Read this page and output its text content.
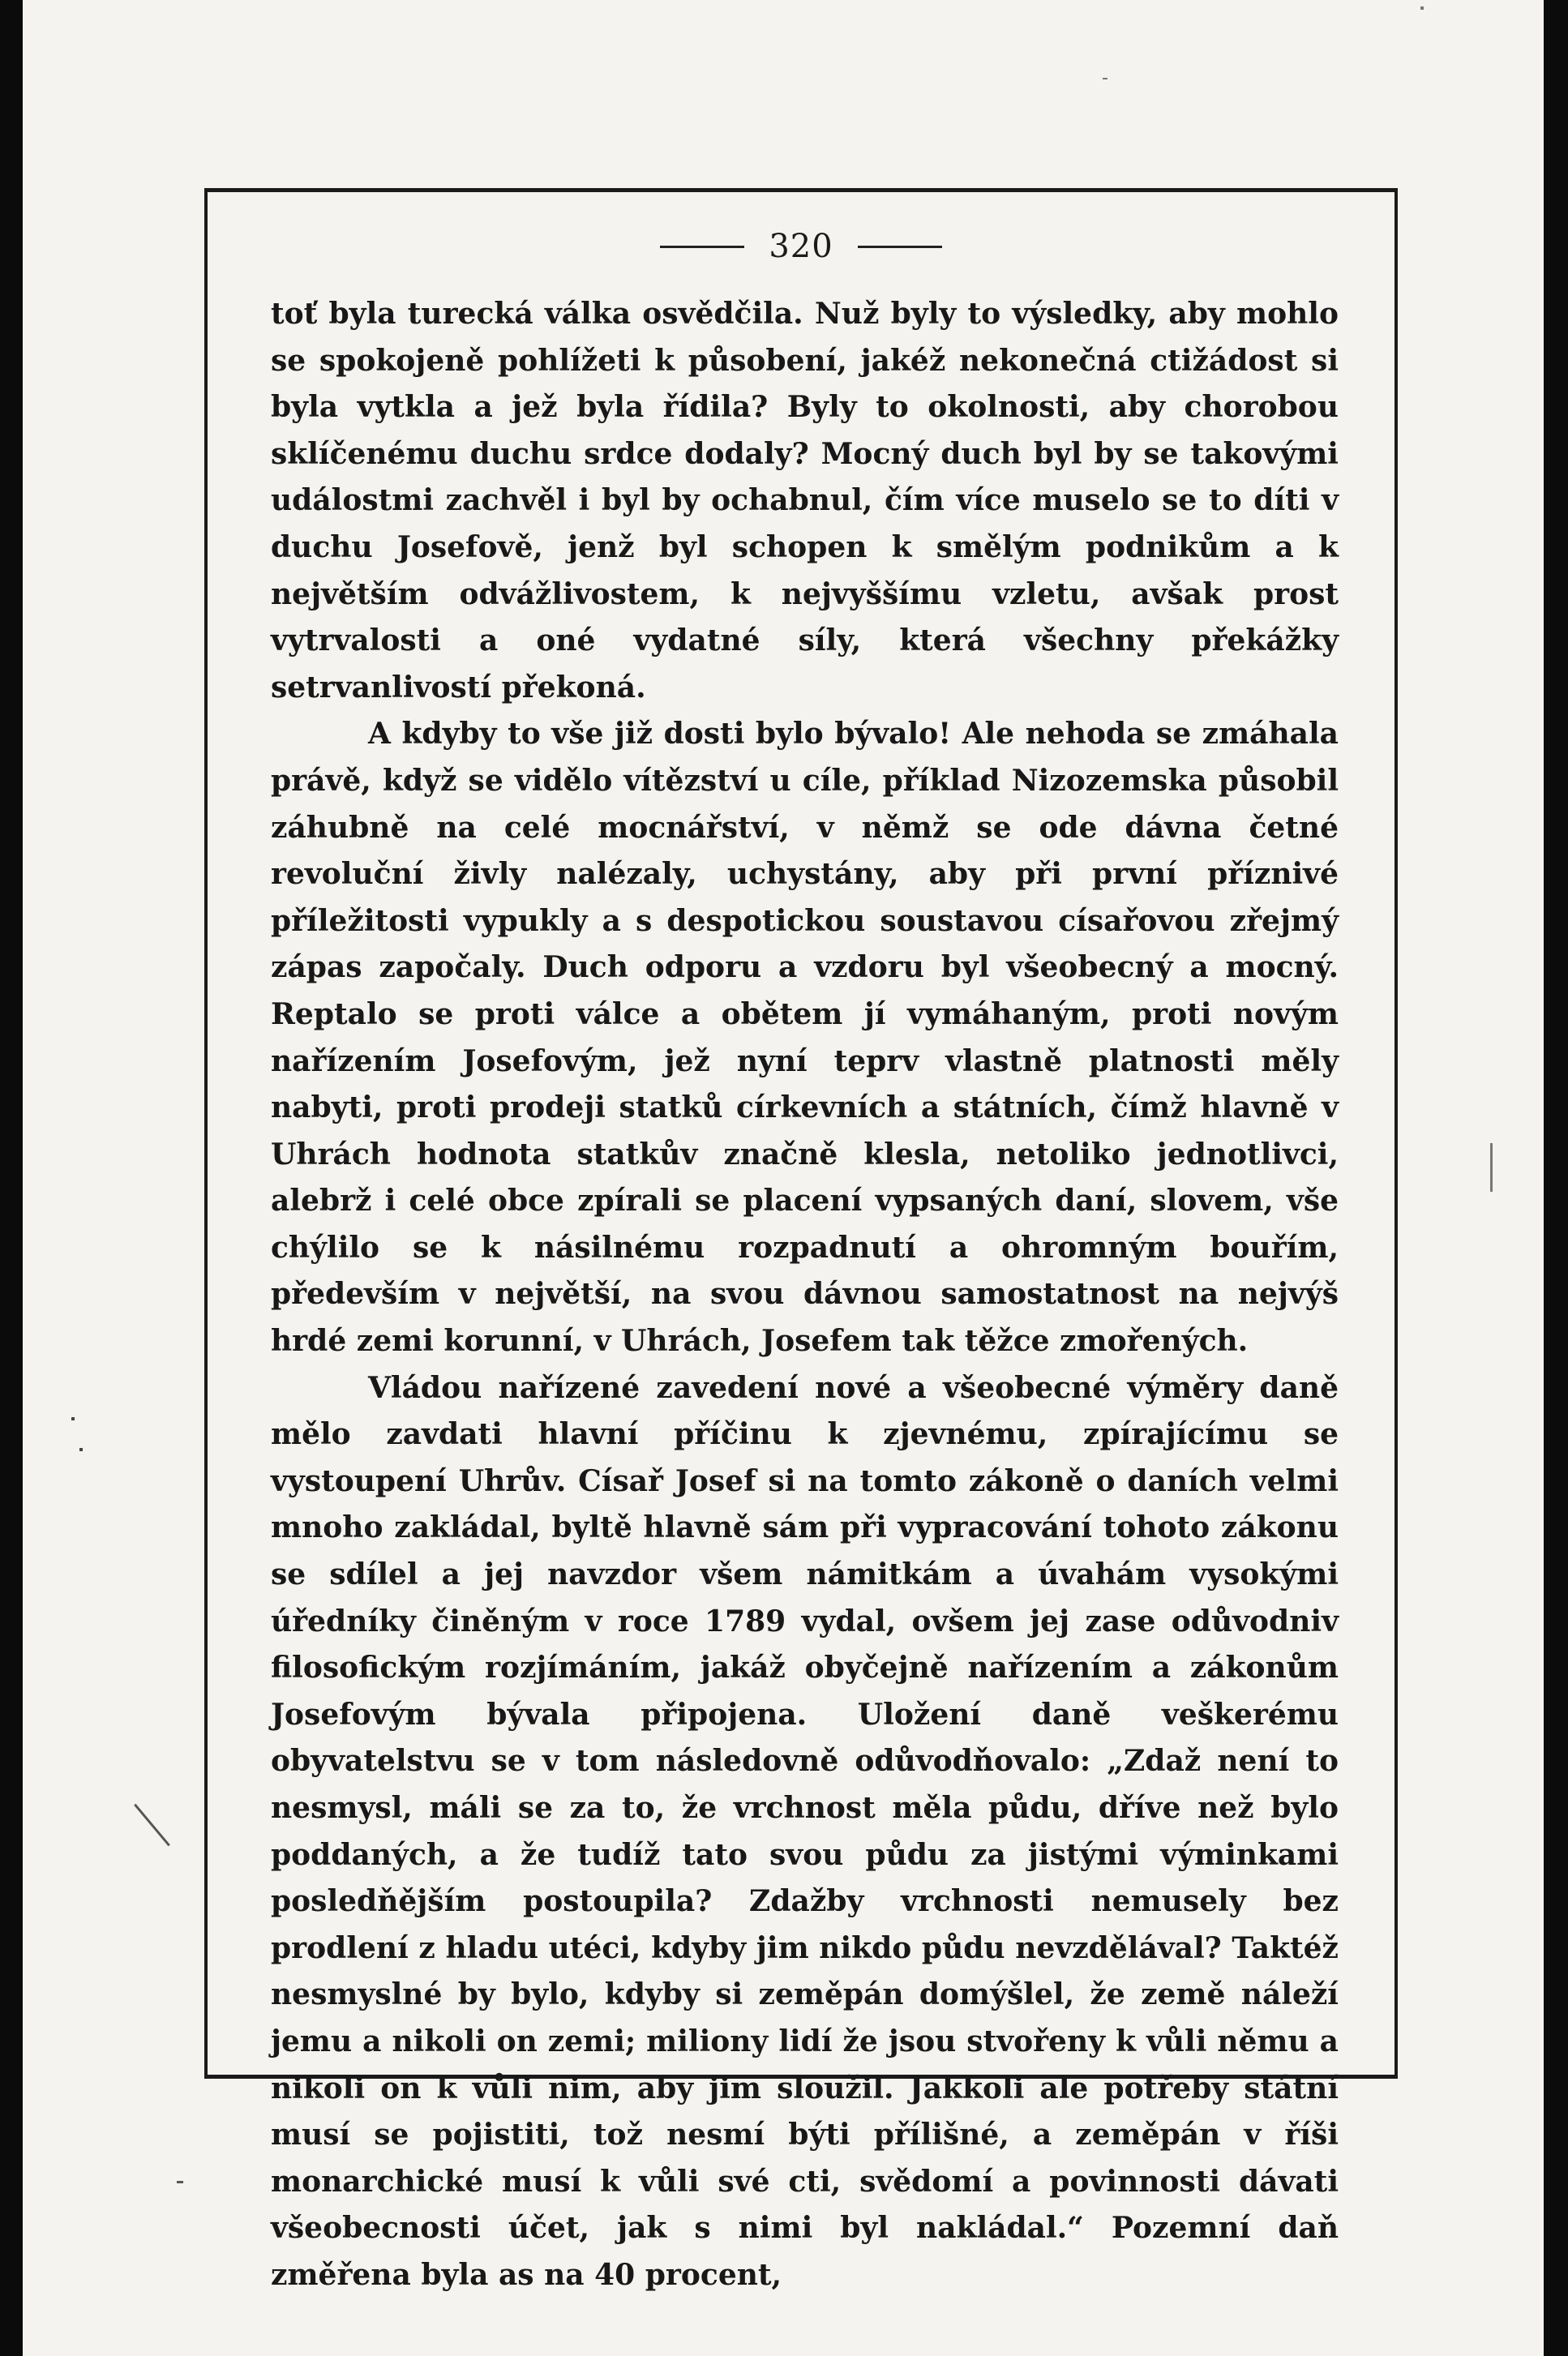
320

toť byla turecká válka osvědčila. Nuž byly to výsledky, aby mohlo se spokojeně pohlížeti k působení, jakéž nekonečná ctižádost si byla vytkla a jež byla řídila? Byly to okolnosti, aby chorobou sklíčenému duchu srdce dodaly? Mocný duch byl by se takovými událostmi zachvěl i byl by ochabnul, čím více muselo se to díti v duchu Josefově, jenž byl schopen k smělým podnikům a k největším odvážlivostem, k nejvyššímu vzletu, avšak prost vytrvalosti a oné vydatné síly, která všechny překážky setrvanlivostí překoná.

A kdyby to vše již dosti bylo bývalo! Ale nehoda se zmáhala právě, když se vidělo vítězství u cíle, příklad Nizozemska působil záhubně na celé mocnářství, v němž se ode dávna četné revoluční živly nalézaly, uchystány, aby při první příznivé příležitosti vypukly a s despotickou soustavou císařovou zřejmý zápas započaly. Duch odporu a vzdoru byl všeobecný a mocný. Reptalo se proti válce a obětem jí vymáhaným, proti novým nařízením Josefovým, jež nyní teprv vlastně platnosti měly nabyti, proti prodeji statků církevních a státních, čímž hlavně v Uhrách hodnota statkův značně klesla, netoliko jednotlivci, alebrž i celé obce zpírali se placení vypsaných daní, slovem, vše chýlilo se k násilnému rozpadnutí a ohromným bouřím, především v největší, na svou dávnou samostatnost na nejvýš hrdé zemi korunní, v Uhrách, Josefem tak těžce zmořených.

Vládou nařízené zavedení nové a všeobecné výměry daně mělo zavdati hlavní příčinu k zjevnému, zpírajícímu se vystoupení Uhrův. Císař Josef si na tomto zákoně o daních velmi mnoho zakládal, byltě hlavně sám při vypracování tohoto zákonu se sdílel a jej navzdor všem námitkám a úvahám vysokými úředníky činěným v roce 1789 vydal, ovšem jej zase odůvodniv filosofickým rozjímáním, jakáž obyčejně nařízením a zákonům Josefovým bývala připojena. Uložení daně veškerému obyvatelstvu se v tom následovně odůvodňovalo: „Zdaž není to nesmysl, máli se za to, že vrchnost měla půdu, dříve než bylo poddaných, a že tudíž tato svou půdu za jistými výminkami posledňějším postoupila? Zdažby vrchnosti nemusely bez prodlení z hladu utéci, kdyby jim nikdo půdu nevzdělával? Taktéž nesmyslné by bylo, kdyby si zeměpán domýšlel, že země náleží jemu a nikoli on zemi; miliony lidí že jsou stvořeny k vůli němu a nikoli on k vůli nim, aby jim sloužil. Jakkoli ale potřeby státní musí se pojistiti, tož nesmí býti přílišné, a zeměpán v říši monarchické musí k vůli své cti, svědomí a povinnosti dávati všeobecnosti účet, jak s nimi byl nakládal.“ Pozemní daň změřena byla as na 40 procent,
